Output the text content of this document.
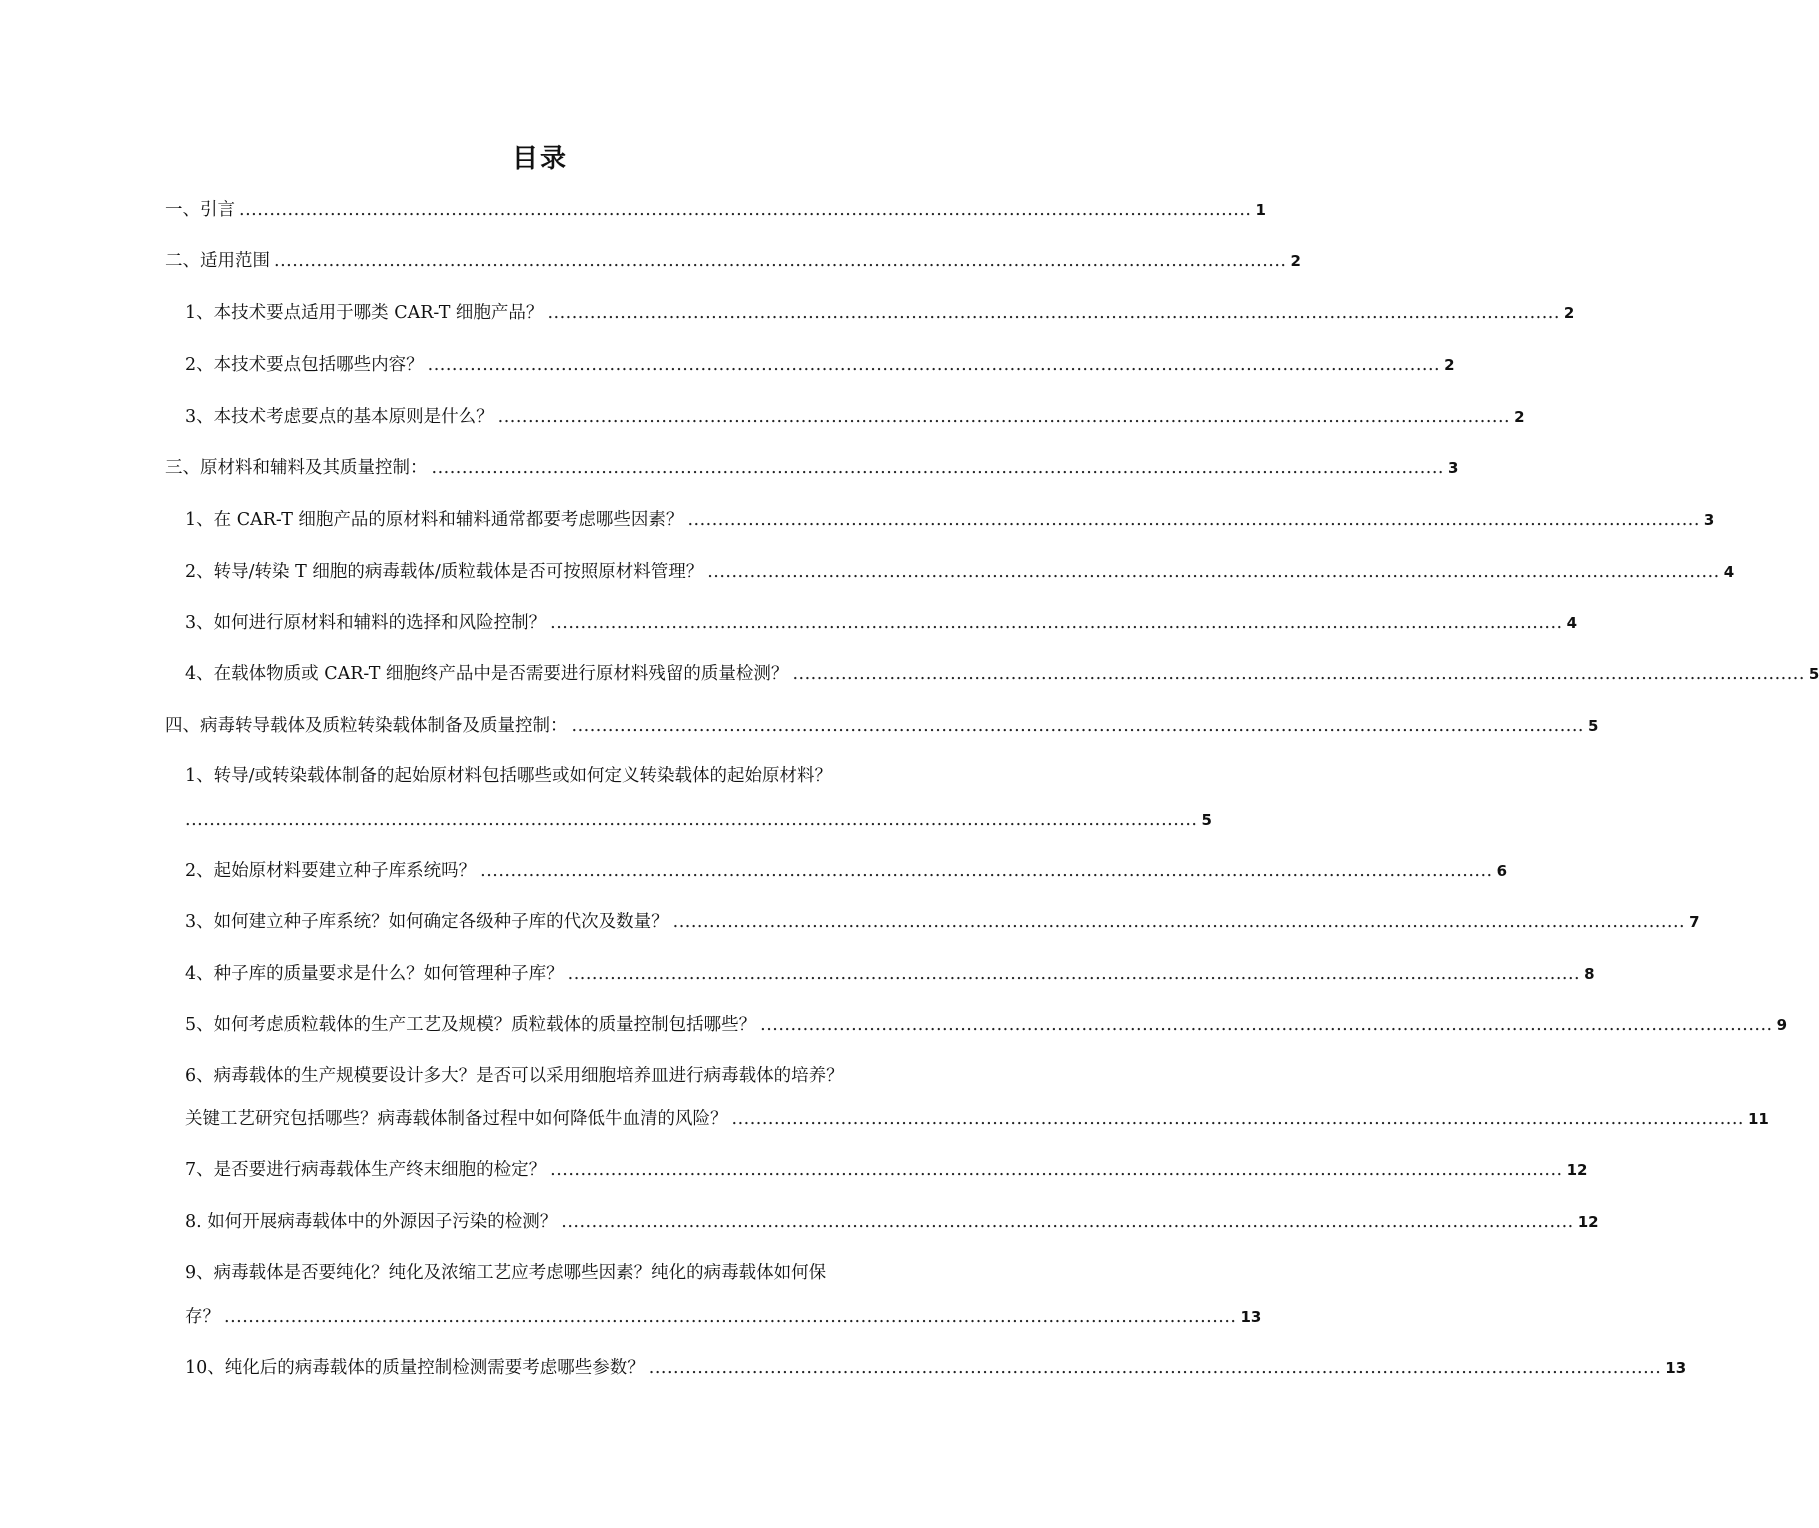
目录
一、引言 ....................................................................................................................................................................... 1
二、适用范围 ....................................................................................................................................................................... 2
1、本技术要点适用于哪类 CAR-T 细胞产品？ ....................................................................................................................................................................... 2
2、本技术要点包括哪些内容？ ....................................................................................................................................................................... 2
3、本技术考虑要点的基本原则是什么？ ....................................................................................................................................................................... 2
三、原材料和辅料及其质量控制： ....................................................................................................................................................................... 3
1、在 CAR-T 细胞产品的原材料和辅料通常都要考虑哪些因素？ ....................................................................................................................................................................... 3
2、转导/转染 T 细胞的病毒载体/质粒载体是否可按照原材料管理？ ....................................................................................................................................................................... 4
3、如何进行原材料和辅料的选择和风险控制？ ....................................................................................................................................................................... 4
4、在载体物质或 CAR-T 细胞终产品中是否需要进行原材料残留的质量检测？ ....................................................................................................................................................................... 5
四、病毒转导载体及质粒转染载体制备及质量控制： ....................................................................................................................................................................... 5
1、转导/或转染载体制备的起始原材料包括哪些或如何定义转染载体的起始原材料？
....................................................................................................................................................................... 5
2、起始原材料要建立种子库系统吗？ ....................................................................................................................................................................... 6
3、如何建立种子库系统？如何确定各级种子库的代次及数量？ ....................................................................................................................................................................... 7
4、种子库的质量要求是什么？如何管理种子库？ ....................................................................................................................................................................... 8
5、如何考虑质粒载体的生产工艺及规模？质粒载体的质量控制包括哪些？ ....................................................................................................................................................................... 9
6、病毒载体的生产规模要设计多大？是否可以采用细胞培养皿进行病毒载体的培养？
关键工艺研究包括哪些？病毒载体制备过程中如何降低牛血清的风险？ ....................................................................................................................................................................... 11
7、是否要进行病毒载体生产终末细胞的检定？ ....................................................................................................................................................................... 12
8. 如何开展病毒载体中的外源因子污染的检测？ ....................................................................................................................................................................... 12
9、病毒载体是否要纯化？纯化及浓缩工艺应考虑哪些因素？纯化的病毒载体如何保
存？ ....................................................................................................................................................................... 13
10、纯化后的病毒载体的质量控制检测需要考虑哪些参数？ ....................................................................................................................................................................... 13
